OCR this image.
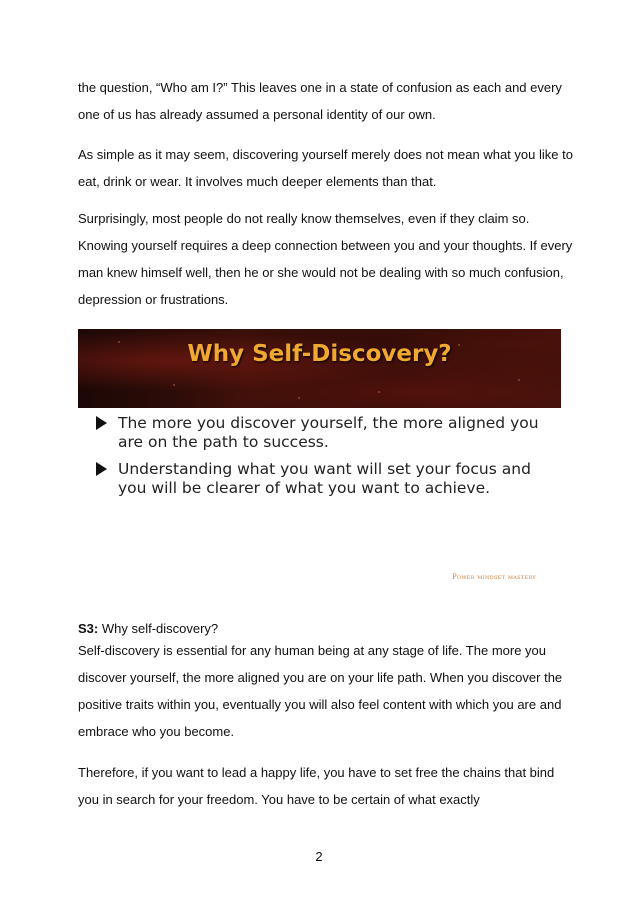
the question, “Who am I?” This leaves one in a state of confusion as each and every one of us has already assumed a personal identity of our own.

As simple as it may seem, discovering yourself merely does not mean what you like to eat, drink or wear. It involves much deeper elements than that.

Surprisingly, most people do not really know themselves, even if they claim so. Knowing yourself requires a deep connection between you and your thoughts. If every man knew himself well, then he or she would not be dealing with so much confusion, depression or frustrations.

Why Self-Discovery?
The more you discover yourself, the more aligned you are on the path to success.
Understanding what you want will set your focus and you will be clearer of what you want to achieve.
Power mindset mastery

S3: Why self-discovery?

Self-discovery is essential for any human being at any stage of life. The more you discover yourself, the more aligned you are on your life path. When you discover the positive traits within you, eventually you will also feel content with which you are and embrace who you become.

Therefore, if you want to lead a happy life, you have to set free the chains that bind you in search for your freedom. You have to be certain of what exactly

2
